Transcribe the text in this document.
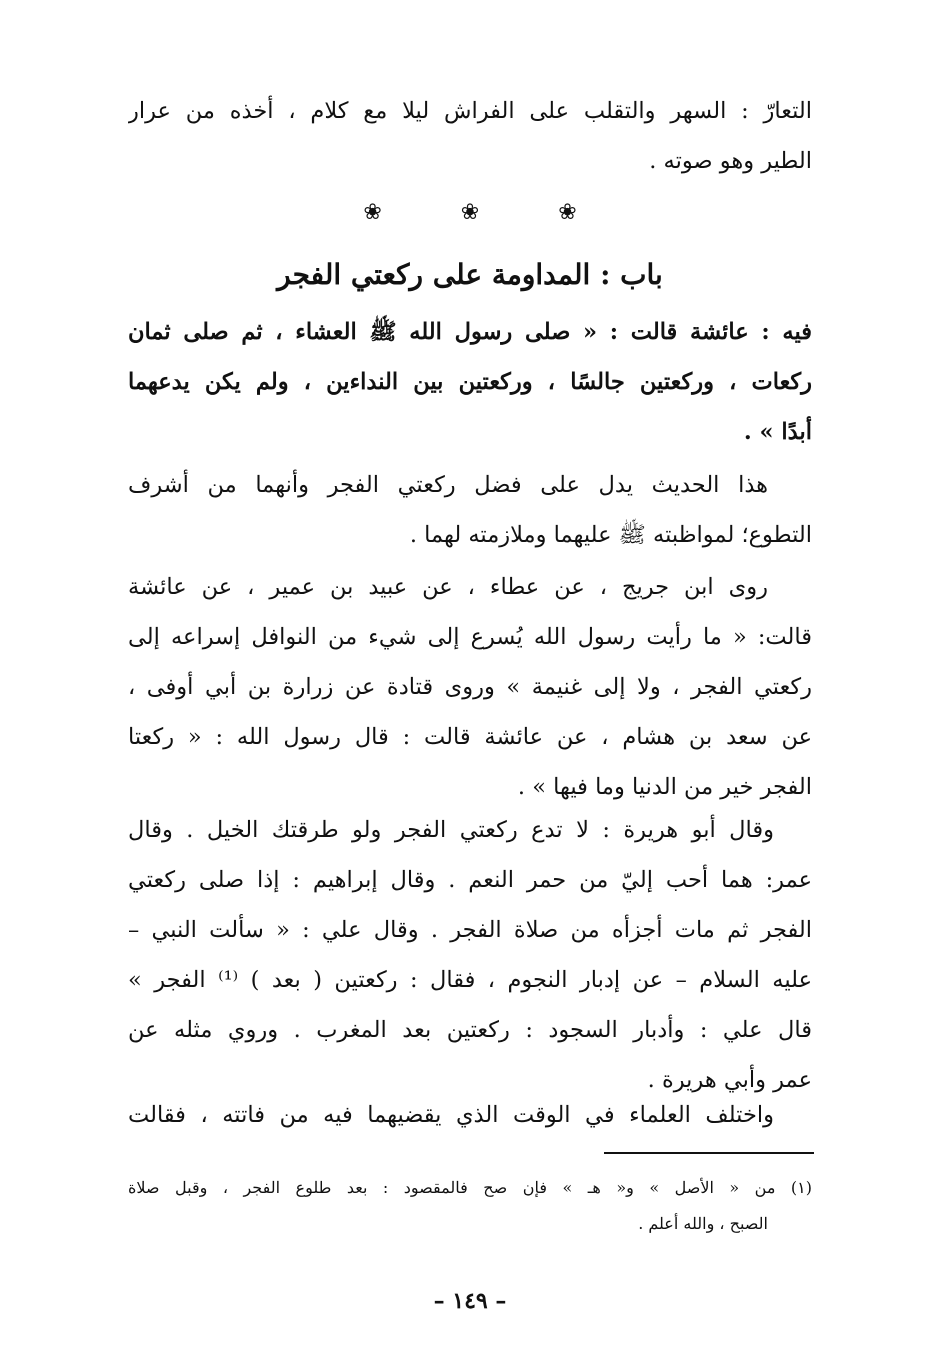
التعارّ : السهر والتقلب على الفراش ليلا مع كلام ، أخذه من عرار
الطير وهو صوته .
❀	❀	❀
باب : المداومة على ركعتي الفجر
فيه : عائشة قالت : « صلى رسول الله ﷺ العشاء ، ثم صلى ثمان
ركعات ، وركعتين جالسًا ، وركعتين بين النداءين ، ولم يكن يدعهما
أبدًا » .
هذا الحديث يدل على فضل ركعتي الفجر وأنهما من أشرف
التطوع؛ لمواظبته ﷺ عليهما وملازمته لهما .
روى ابن جريج ، عن عطاء ، عن عبيد بن عمير ، عن عائشة
قالت: « ما رأيت رسول الله يُسرع إلى شيء من النوافل إسراعه إلى
ركعتي الفجر ، ولا إلى غنيمة » وروى قتادة عن زرارة بن أبي أوفى ،
عن سعد بن هشام ، عن عائشة قالت : قال رسول الله : « ركعتا
الفجر خير من الدنيا وما فيها » .
وقال أبو هريرة : لا تدع ركعتي الفجر ولو طرقتك الخيل . وقال
عمر: هما أحب إليّ من حمر النعم . وقال إبراهيم : إذا صلى ركعتي
الفجر ثم مات أجزأه من صلاة الفجر . وقال علي : « سألت النبي –
عليه السلام – عن إدبار النجوم ، فقال : ركعتين ( بعد ) ⁽¹⁾ الفجر »
قال علي : وأدبار السجود : ركعتين بعد المغرب . وروي مثله عن
عمر وأبي هريرة .
واختلف العلماء في الوقت الذي يقضيهما فيه من فاتته ، فقالت
(١) من « الأصل » و« هـ » فإن صح فالمقصود : بعد طلوع الفجر ، وقبل صلاة
الصبح ، والله أعلم .
– ١٤٩ –
